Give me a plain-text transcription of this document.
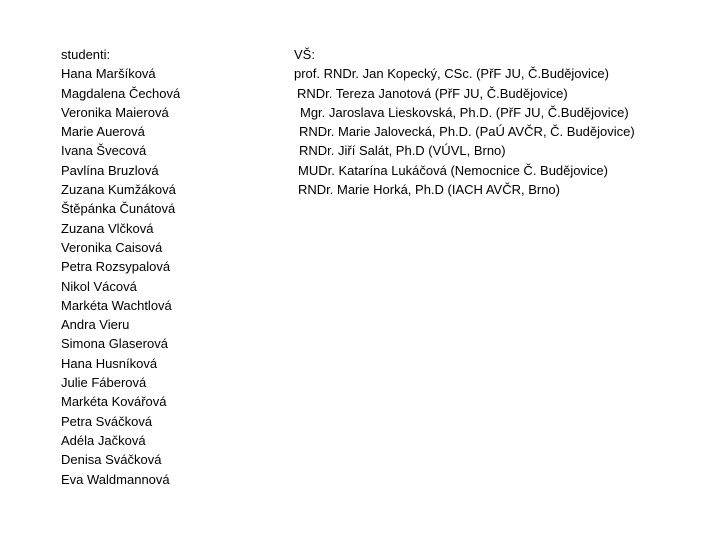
studenti:
Hana Maršíková
Magdalena Čechová
Veronika Maierová
Marie Auerová
Ivana Švecová
Pavlína Bruzlová
Zuzana Kumžáková
Štěpánka Čunátová
Zuzana Vlčková
Veronika Caisová
Petra Rozsypalová
Nikol Vácová
Markéta Wachtlová
Andra Vieru
Simona Glaserová
Hana Husníková
Julie Fáberová
Markéta Kovářová
Petra Sváčková
Adéla Jačková
Denisa Sváčková
Eva Waldmannová
VŠ:
prof. RNDr. Jan Kopecký, CSc. (PřF JU, Č.Budějovice)
RNDr. Tereza Janotová (PřF JU, Č.Budějovice)
Mgr. Jaroslava Lieskovská, Ph.D. (PřF JU, Č.Budějovice)
RNDr. Marie Jalovecká, Ph.D. (PaÚ AVČR, Č. Budějovice)
RNDr. Jiří Salát, Ph.D (VÚVL, Brno)
MUDr. Katarína Lukáčová (Nemocnice Č. Budějovice)
RNDr. Marie Horká, Ph.D (IACH AVČR, Brno)
